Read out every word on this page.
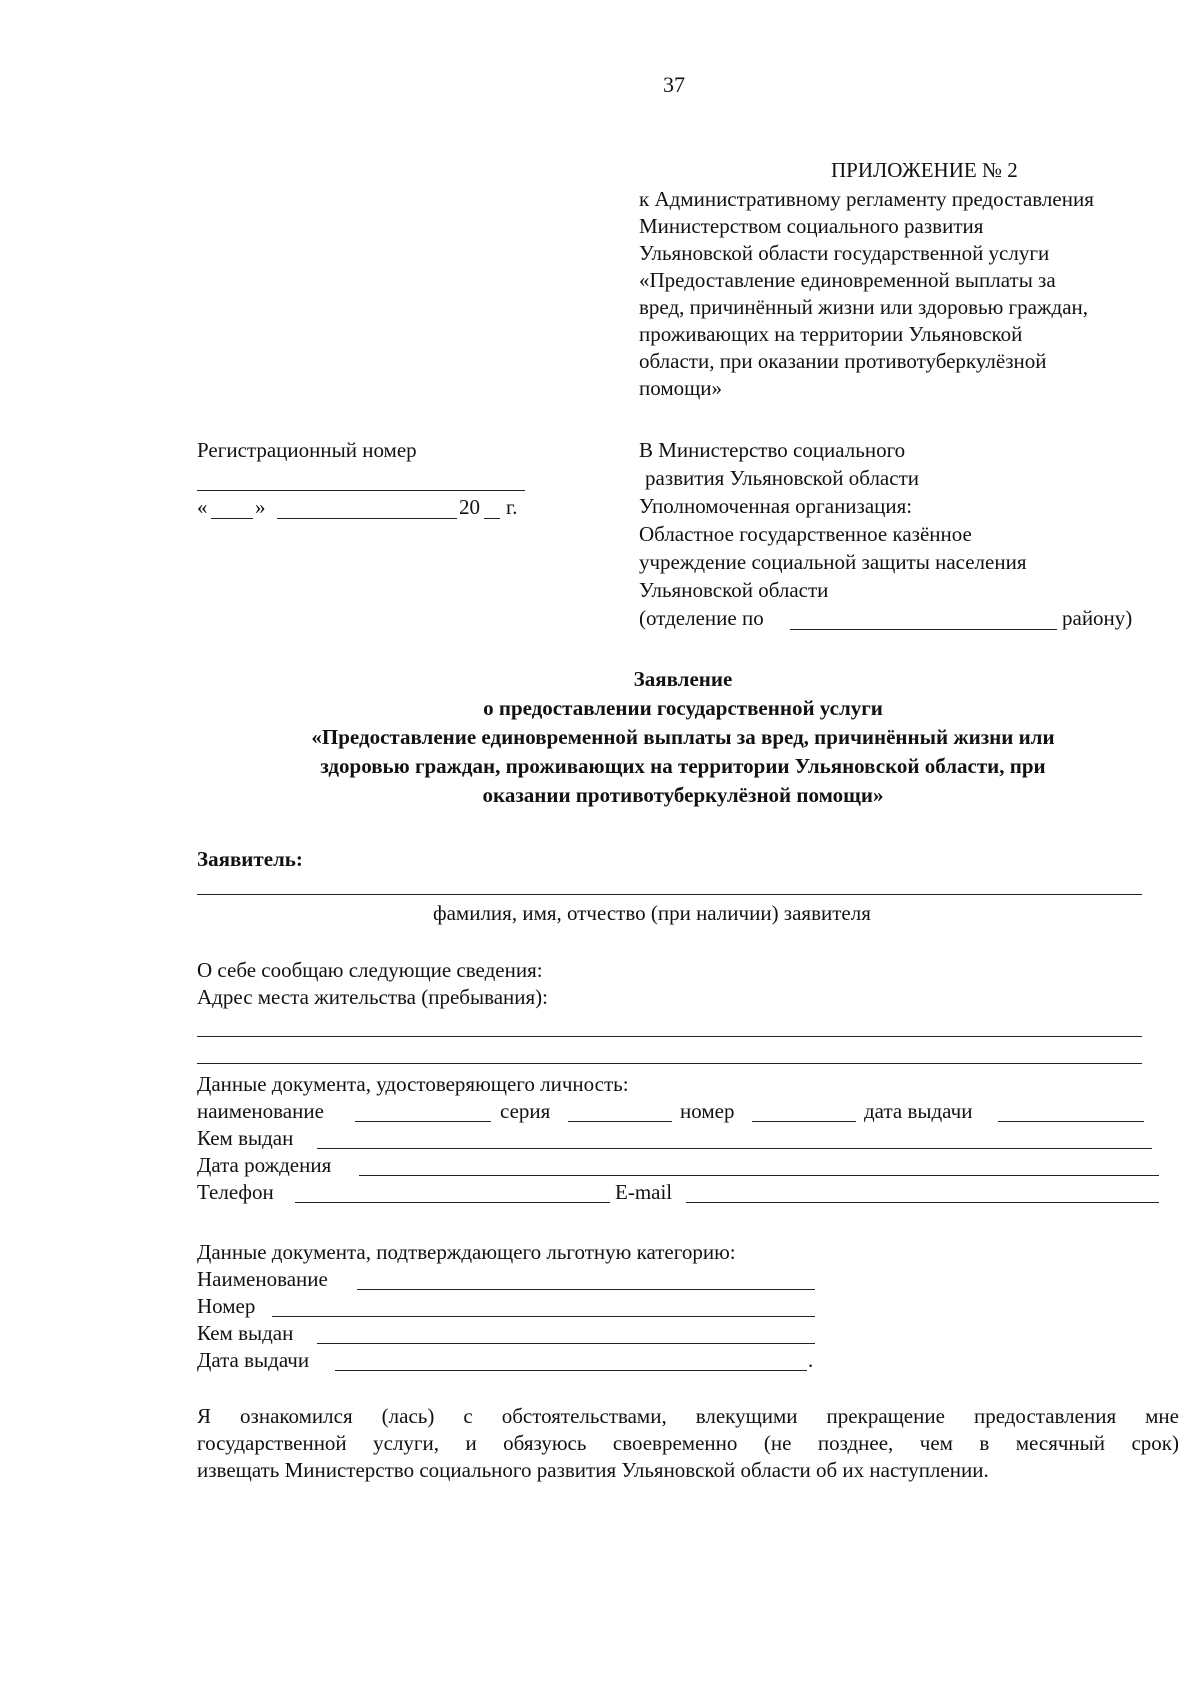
37
ПРИЛОЖЕНИЕ № 2
к Административному регламенту предоставления
Министерством социального развития
Ульяновской области государственной услуги
«Предоставление единовременной выплаты за
вред, причинённый жизни или здоровью граждан,
проживающих на территории Ульяновской
области, при оказании противотуберкулёзной
помощи»
Регистрационный номер
« »	20 г.
В Министерство социального
развития Ульяновской области
Уполномоченная организация:
Областное государственное казённое
учреждение социальной защиты населения
Ульяновской области
(отделение по	району)
Заявление
о предоставлении государственной услуги
«Предоставление единовременной выплаты за вред, причинённый жизни или
здоровью граждан, проживающих на территории Ульяновской области, при
оказании противотуберкулёзной помощи»
Заявитель:
фамилия, имя, отчество (при наличии) заявителя
О себе сообщаю следующие сведения:
Адрес места жительства (пребывания):
Данные документа, удостоверяющего личность:
наименование	серия	номер	дата выдачи
Кем выдан
Дата рождения
Телефон	E-mail
Данные документа, подтверждающего льготную категорию:
Наименование
Номер
Кем выдан
Дата выдачи	.
Я ознакомился (лась) с обстоятельствами, влекущими прекращение предоставления мне
государственной услуги, и обязуюсь своевременно (не позднее, чем в месячный срок)
извещать Министерство социального развития Ульяновской области об их наступлении.
